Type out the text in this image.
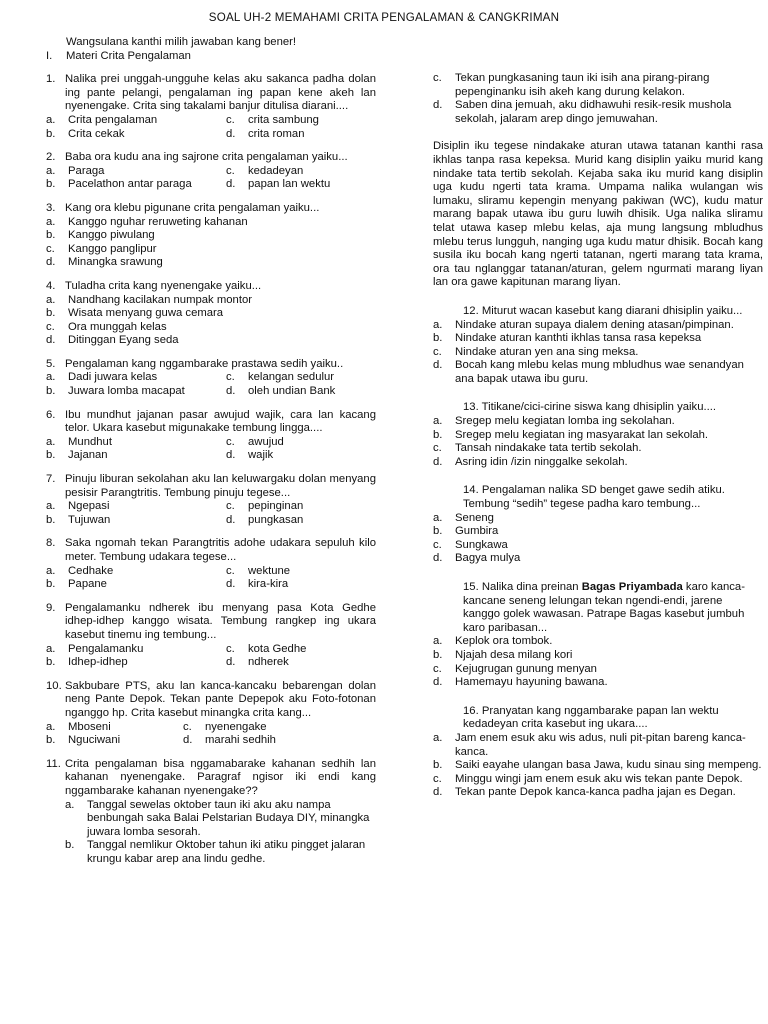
SOAL UH-2 MEMAHAMI CRITA PENGALAMAN & CANGKRIMAN
Wangsulana kanthi milih jawaban kang bener!
I.	Materi Crita Pengalaman
1. Nalika prei unggah-ungguhe kelas aku sakanca padha dolan ing pante pelangi, pengalaman ing papan kene akeh lan nyenengake. Crita sing takalami banjur ditulisa diarani....
a.	Crita pengalaman	c.	crita sambung
b.	Crita cekak	d.	crita roman
2. Baba ora kudu ana ing sajrone crita pengalaman yaiku...
a.	Paraga	c.	kedadeyan
b.	Pacelathon antar paraga	d.	papan lan wektu
3. Kang ora klebu pigunane crita pengalaman yaiku...
a.	Kanggo nguhar reruweting kahanan
b.	Kanggo piwulang
c.	Kanggo panglipur
d.	Minangka srawung
4. Tuladha crita kang nyenengake yaiku...
a.	Nandhang kacilakan numpak montor
b.	Wisata menyang guwa cemara
c.	Ora munggah kelas
d.	Ditinggan Eyang seda
5. Pengalaman kang nggambarake prastawa sedih yaiku..
a.	Dadi juwara kelas	c.	kelangan sedulur
b.	Juwara lomba macapat	d.	oleh undian Bank
6. Ibu mundhut jajanan pasar awujud wajik, cara lan kacang telor. Ukara kasebut migunakake tembung lingga....
a.	Mundhut	c.	awujud
b.	Jajanan	d.	wajik
7. Pinuju liburan sekolahan aku lan keluwargaku dolan menyang pesisir Parangtritis. Tembung pinuju tegese...
a.	Ngepasi	c.	pepinginan
b.	Tujuwan	d.	pungkasan
8. Saka ngomah tekan Parangtritis adohe udakara sepuluh kilo meter. Tembung udakara tegese...
a.	Cedhake	c.	wektune
b.	Papane	d.	kira-kira
9. Pengalamanku ndherek ibu menyang pasa Kota Gedhe idhep-idhep kanggo wisata. Tembung rangkep ing ukara kasebut tinemu ing tembung...
a.	Pengalamanku	c.	kota Gedhe
b.	Idhep-idhep	d.	ndherek
10. Sakbubare PTS, aku lan kanca-kancaku bebarengan dolan neng Pante Depok. Tekan pante Depepok aku Foto-fotonan nganggo hp. Crita kasebut minangka crita kang...
a.	Mboseni	c.	nyenengake
b.	Nguciwani	d.	marahi sedhih
11. Crita pengalaman bisa nggamabarake kahanan sedhih lan kahanan nyenengake. Paragraf ngisor iki endi kang nggambarake kahanan nyenengake??
a.	Tanggal sewelas oktober taun iki aku aku nampa benbungah saka Balai Pelstarian Budaya DIY, minangka juwara lomba sesorah.
b.	Tanggal nemlikur Oktober tahun iki atiku pingget jalaran krungu kabar arep ana lindu gedhe.
c.	Tekan pungkasaning taun iki isih ana pirang-pirang pepenginanku isih akeh kang durung kelakon.
d.	Saben dina jemuah, aku didhawuhi resik-resik mushola sekolah, jalaram arep dingo jemuwahan.
Disiplin iku tegese nindakake aturan utawa tatanan kanthi rasa ikhlas tanpa rasa kepeksa. Murid kang disiplin yaiku murid kang nindake tata tertib sekolah. Kejaba saka iku murid kang disiplin uga kudu ngerti tata krama. Umpama nalika wulangan wis lumaku, sliramu kepengin menyang pakiwan (WC), kudu matur marang bapak utawa ibu guru luwih dhisik. Uga nalika sliramu telat utawa kasep mlebu kelas, aja mung langsung mbludhus mlebu terus lungguh, nanging uga kudu matur dhisik. Bocah kang susila iku bocah kang ngerti tatanan, ngerti marang tata krama, ora tau nglanggar tatanan/aturan, gelem ngurmati marang liyan lan ora gawe kapitunan marang liyan.
12. Miturut wacan kasebut kang diarani dhisiplin yaiku...
a.	Nindake aturan supaya dialem dening atasan/pimpinan.
b.	Nindake aturan kanthti ikhlas tansa rasa kepeksa
c.	Nindake aturan yen ana sing meksa.
d.	Bocah kang mlebu kelas mung mbludhus wae senandyan ana bapak utawa ibu guru.
13. Titikane/cici-cirine siswa kang dhisiplin yaiku....
a.	Sregep melu kegiatan lomba ing sekolahan.
b.	Sregep melu kegiatan ing masyarakat lan sekolah.
c.	Tansah nindakake tata tertib sekolah.
d.	Asring idin /izin ninggalke sekolah.
14. Pengalaman nalika SD benget gawe sedih atiku. Tembung “sedih” tegese padha karo tembung...
a.	Seneng
b.	Gumbira
c.	Sungkawa
d.	Bagya mulya
15. Nalika dina preinan Bagas Priyambada karo kanca-kancane seneng lelungan tekan ngendi-endi, jarene kanggo golek wawasan. Patrape Bagas kasebut jumbuh karo paribasan...
a.	Keplok ora tombok.
b.	Njajah desa milang kori
c.	Kejugrugan gunung menyan
d.	Hamemayu hayuning bawana.
16. Pranyatan kang nggambarake papan lan wektu kedadeyan crita kasebut ing ukara....
a.	Jam enem esuk aku wis adus, nuli pit-pitan bareng kanca-kanca.
b.	Saiki eayahe ulangan basa Jawa, kudu sinau sing mempeng.
c.	Minggu wingi jam enem esuk aku wis tekan pante Depok.
d.	Tekan pante Depok kanca-kanca padha jajan es Degan.
